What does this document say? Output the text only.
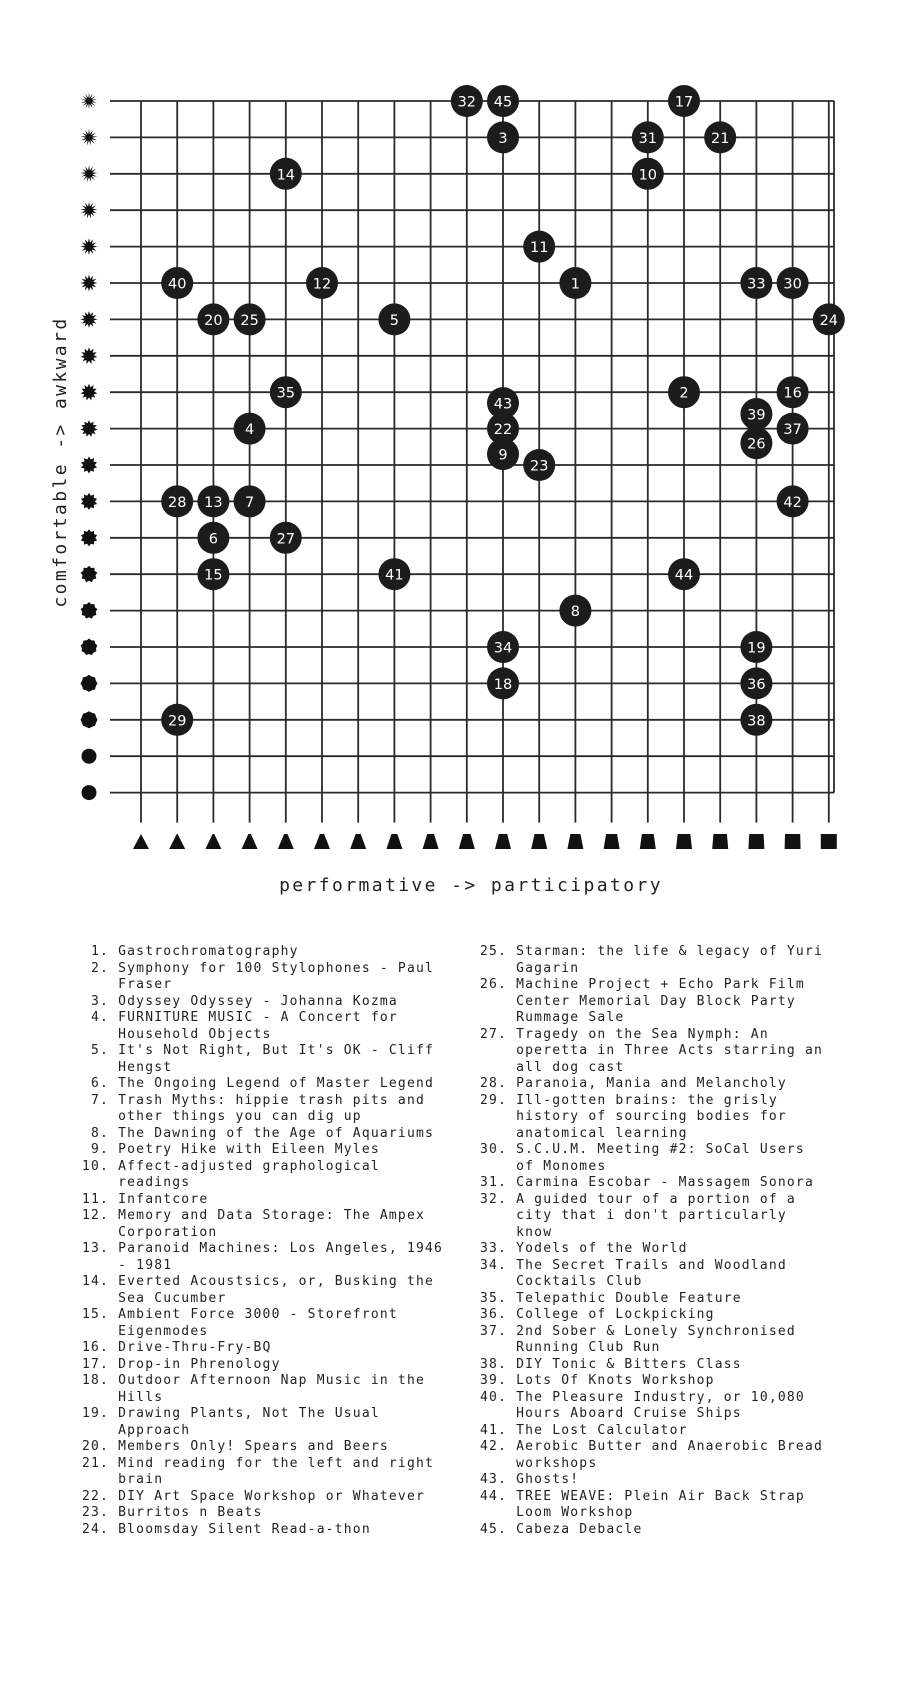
1
2
3
4
5
6
7
8
9
10
11
12
13
14
15
16
17
18
19
20
21
22
23
24
25
26
27
28
29
30
31
32
33
34
35
36
37
38
39
40
41
42
43
44
45
performative -> participatory
comfortable -> awkward
1. Gastrochromatography
2. Symphony for 100 Stylophones - Paul Fraser
3. Odyssey Odyssey - Johanna Kozma
4. FURNITURE MUSIC - A Concert for Household Objects
5. It's Not Right, But It's OK - Cliff Hengst
6. The Ongoing Legend of Master Legend
7. Trash Myths: hippie trash pits and other things you can dig up
8. The Dawning of the Age of Aquariums
9. Poetry Hike with Eileen Myles
10. Affect-adjusted graphological readings
11. Infantcore
12. Memory and Data Storage: The Ampex Corporation
13. Paranoid Machines: Los Angeles, 1946 - 1981
14. Everted Acoustsics, or, Busking the Sea Cucumber
15. Ambient Force 3000 - Storefront Eigenmodes
16. Drive-Thru-Fry-BQ
17. Drop-in Phrenology
18. Outdoor Afternoon Nap Music in the Hills
19. Drawing Plants, Not The Usual Approach
20. Members Only! Spears and Beers
21. Mind reading for the left and right brain
22. DIY Art Space Workshop or Whatever
23. Burritos n Beats
24. Bloomsday Silent Read-a-thon
25. Starman: the life & legacy of Yuri Gagarin
26. Machine Project + Echo Park Film Center Memorial Day Block Party Rummage Sale
27. Tragedy on the Sea Nymph: An operetta in Three Acts starring an all dog cast
28. Paranoia, Mania and Melancholy
29. Ill-gotten brains: the grisly history of sourcing bodies for anatomical learning
30. S.C.U.M. Meeting #2: SoCal Users of Monomes
31. Carmina Escobar - Massagem Sonora
32. A guided tour of a portion of a city that i don't particularly know
33. Yodels of the World
34. The Secret Trails and Woodland Cocktails Club
35. Telepathic Double Feature
36. College of Lockpicking
37. 2nd Sober & Lonely Synchronised Running Club Run
38. DIY Tonic & Bitters Class
39. Lots Of Knots Workshop
40. The Pleasure Industry, or 10,080 Hours Aboard Cruise Ships
41. The Lost Calculator
42. Aerobic Butter and Anaerobic Bread workshops
43. Ghosts!
44. TREE WEAVE: Plein Air Back Strap Loom Workshop
45. Cabeza Debacle
